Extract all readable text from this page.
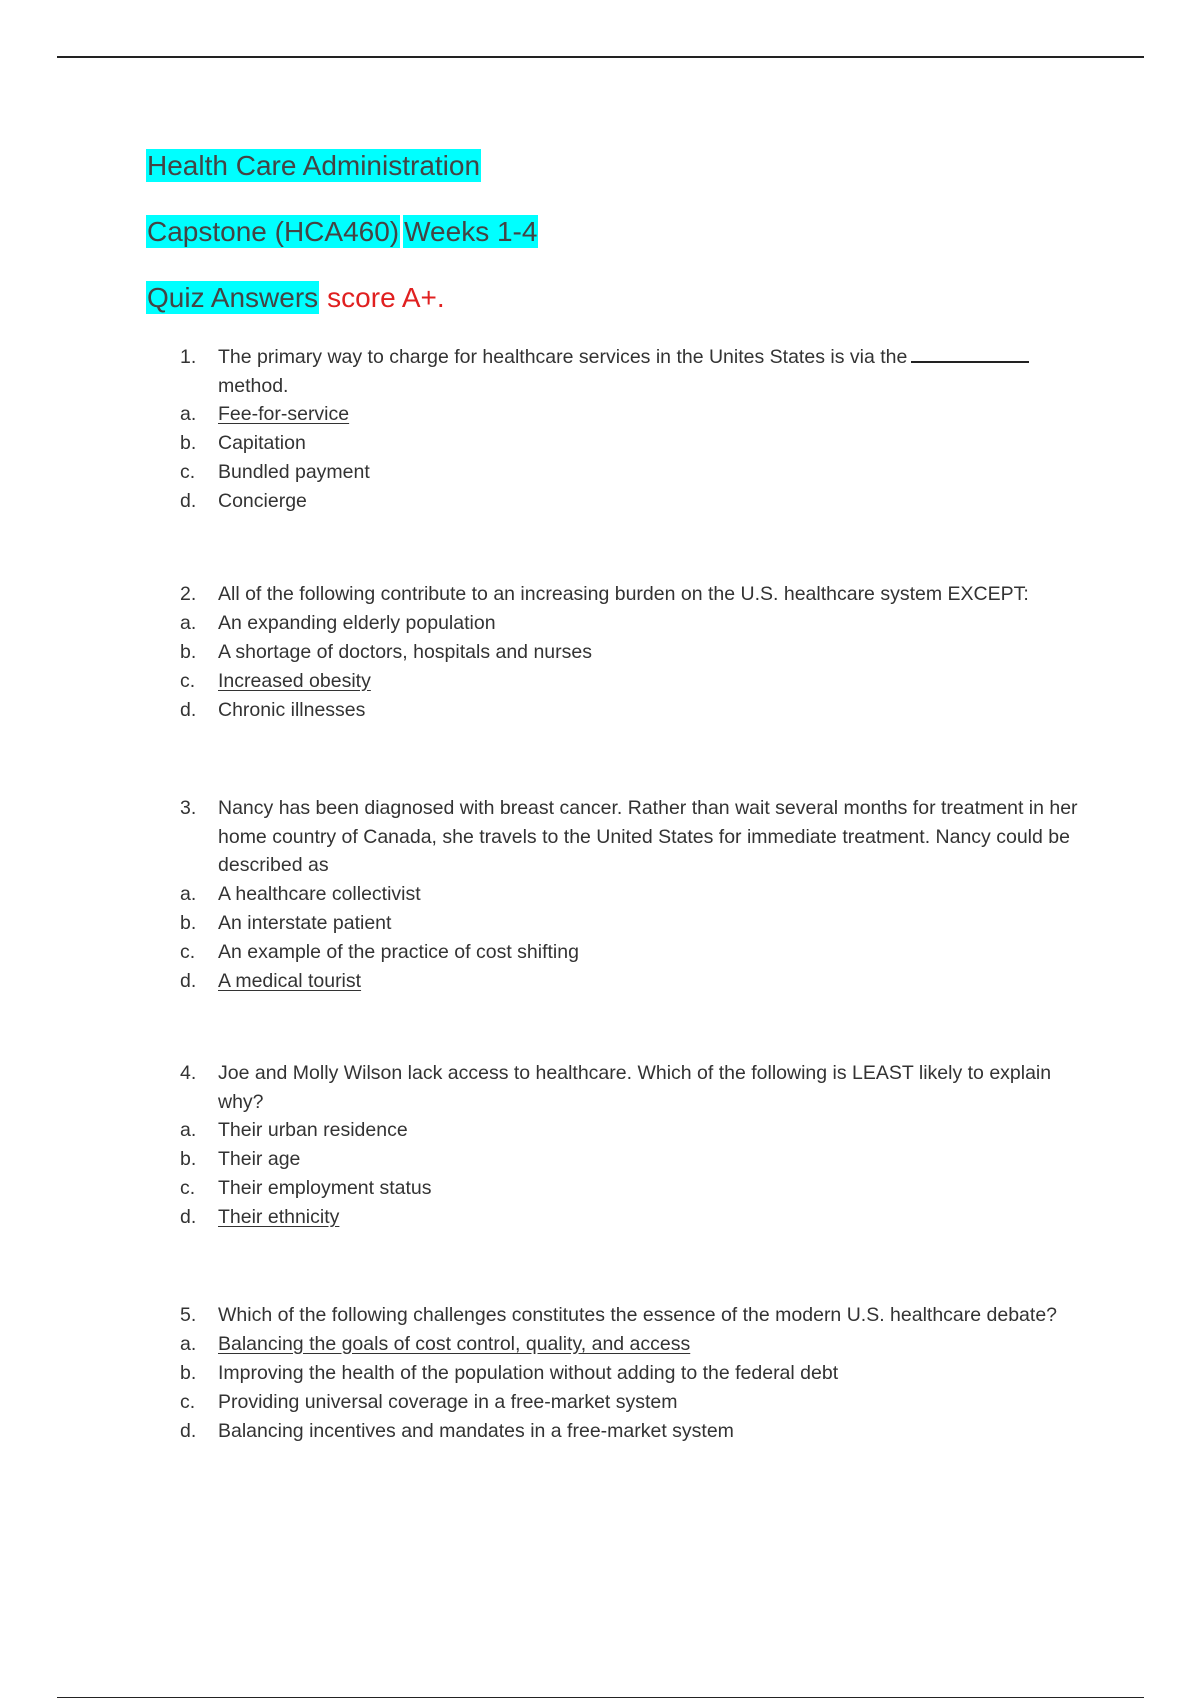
Health Care Administration
Capstone (HCA460) Weeks 1-4
Quiz Answers score A+.
1. The primary way to charge for healthcare services in the Unites States is via the method.
a. Fee-for-service
b. Capitation
c. Bundled payment
d. Concierge
2. All of the following contribute to an increasing burden on the U.S. healthcare system EXCEPT:
a. An expanding elderly population
b. A shortage of doctors, hospitals and nurses
c. Increased obesity
d. Chronic illnesses
3. Nancy has been diagnosed with breast cancer. Rather than wait several months for treatment in her home country of Canada, she travels to the United States for immediate treatment. Nancy could be described as
a. A healthcare collectivist
b. An interstate patient
c. An example of the practice of cost shifting
d. A medical tourist
4. Joe and Molly Wilson lack access to healthcare. Which of the following is LEAST likely to explain why?
a. Their urban residence
b. Their age
c. Their employment status
d. Their ethnicity
5. Which of the following challenges constitutes the essence of the modern U.S. healthcare debate?
a. Balancing the goals of cost control, quality, and access
b. Improving the health of the population without adding to the federal debt
c. Providing universal coverage in a free-market system
d. Balancing incentives and mandates in a free-market system
